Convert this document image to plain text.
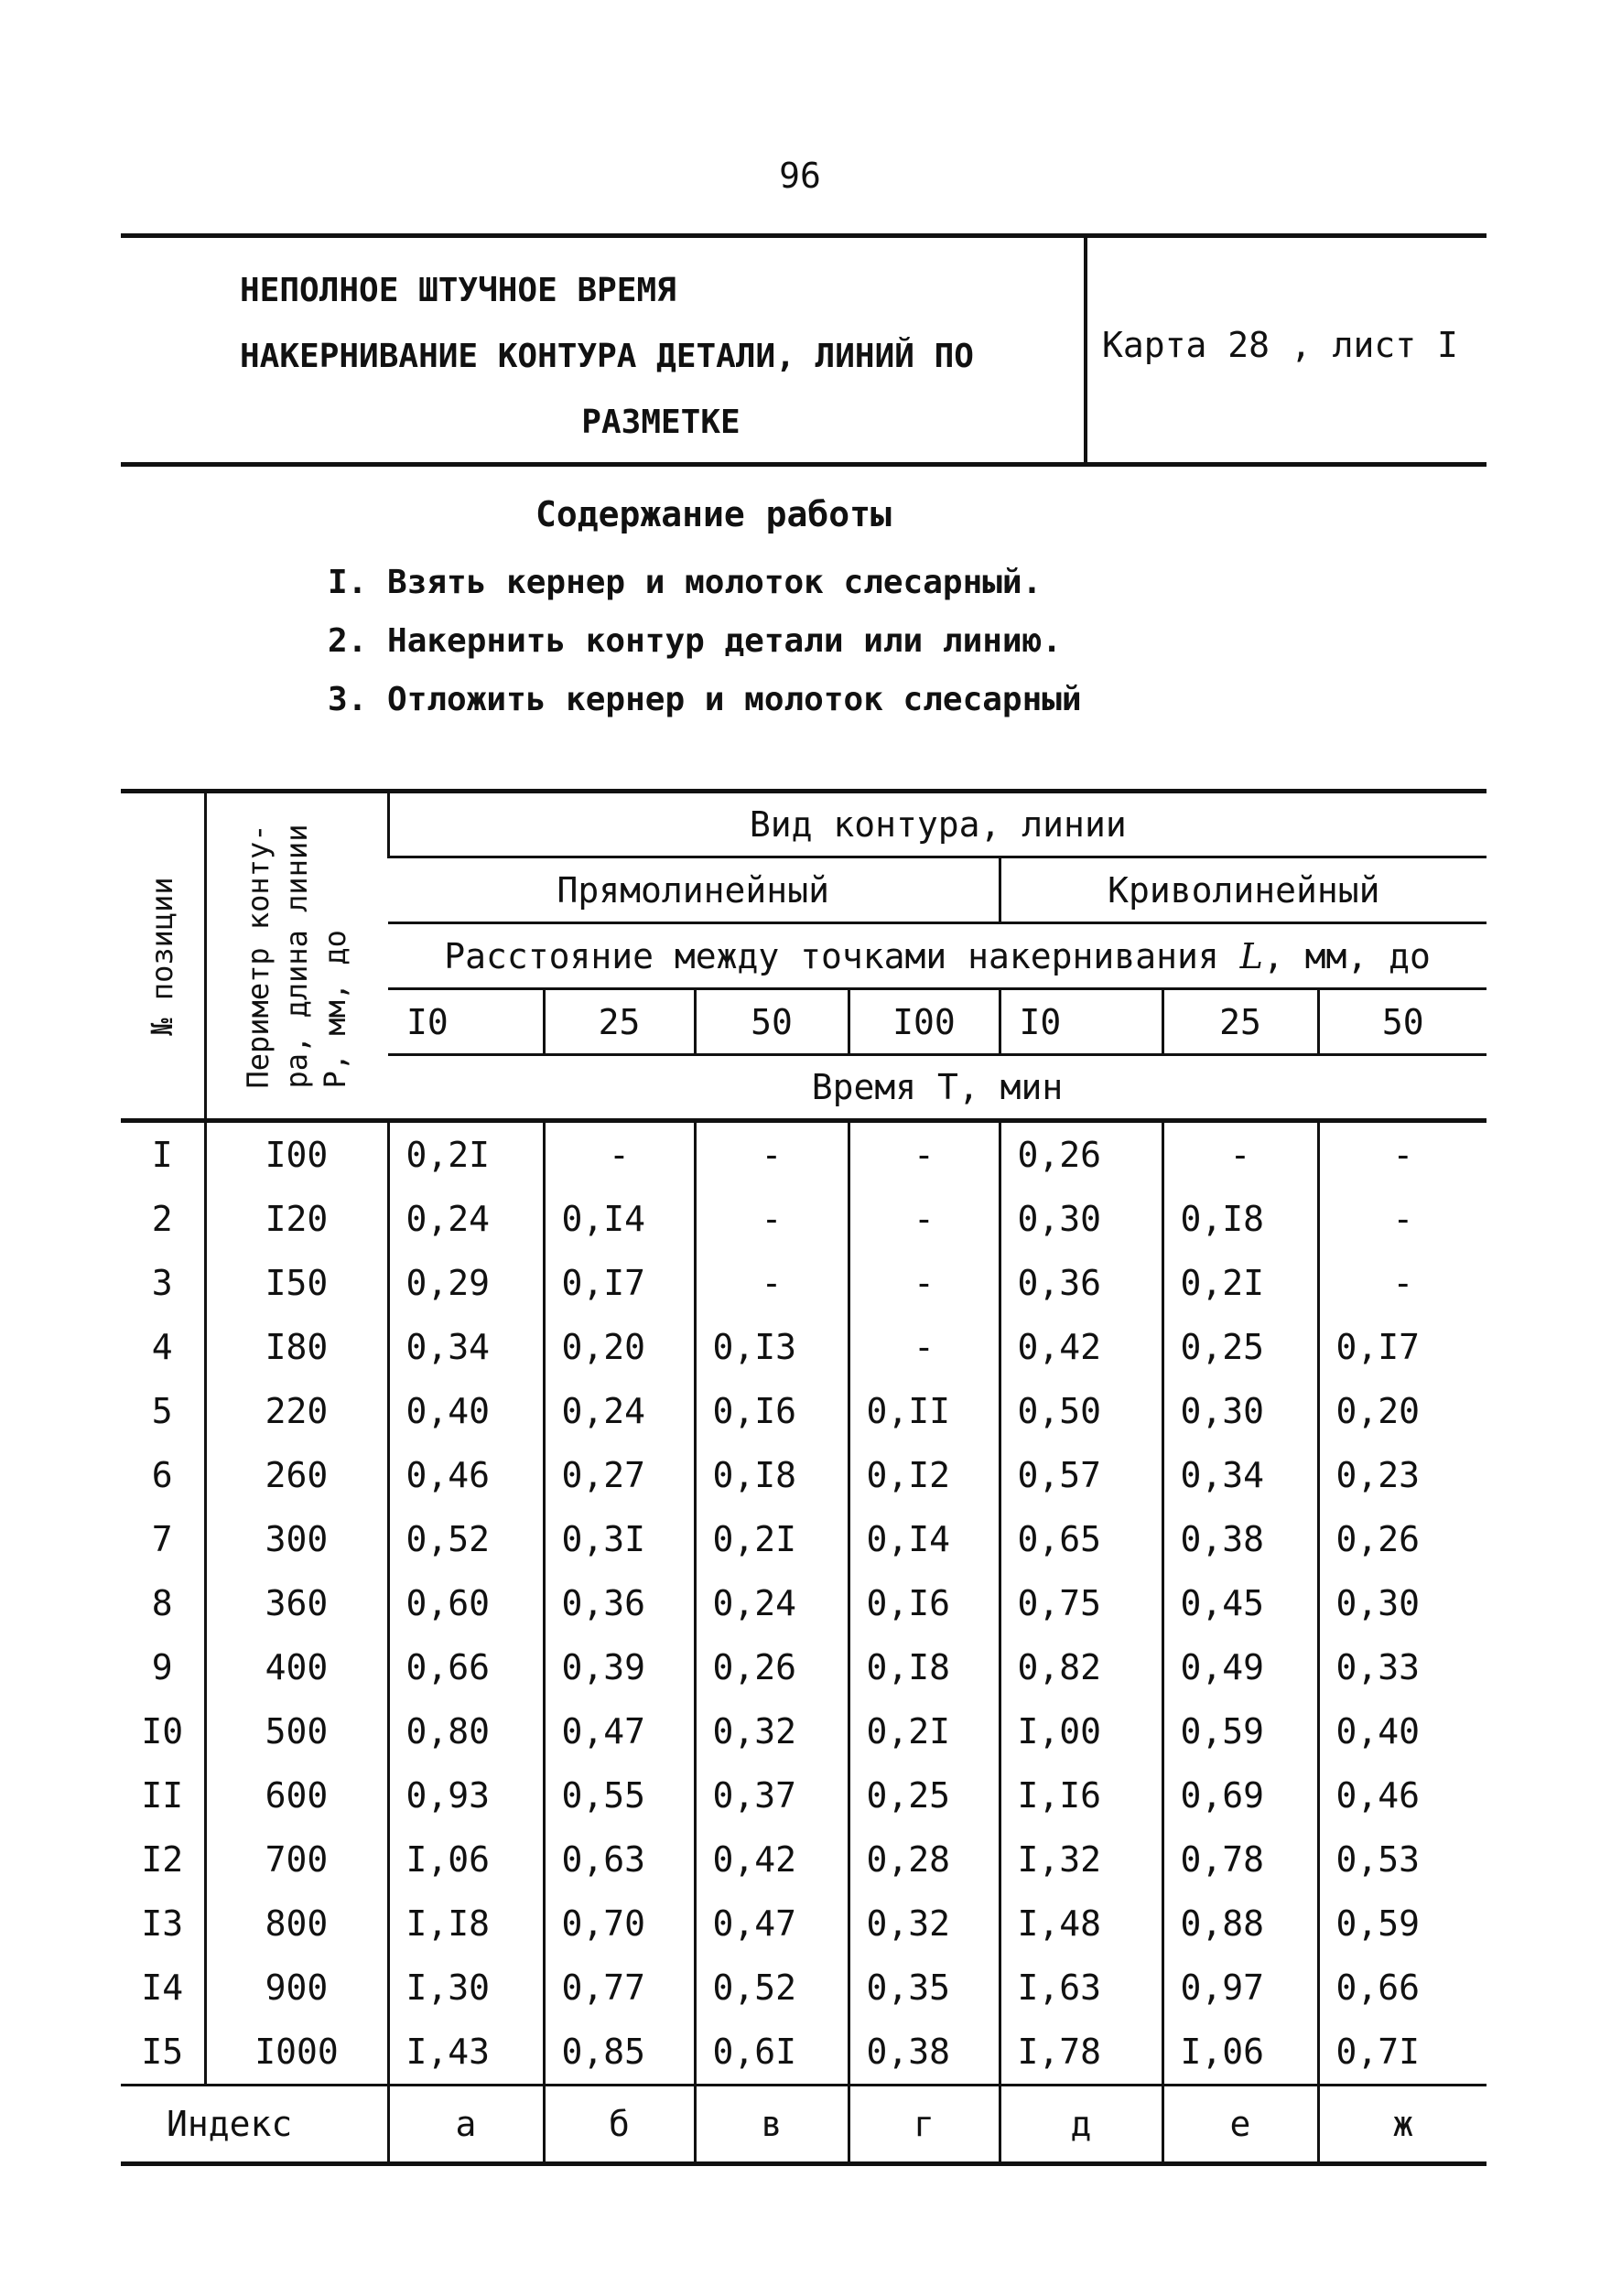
96
НЕПОЛНОЕ ШТУЧНОЕ ВРЕМЯ
НАКЕРНИВАНИЕ КОНТУРА ДЕТАЛИ, ЛИНИЙ ПО
РАЗМЕТКЕ
Карта 28 , лист I
Содержание работы
I. Взять кернер и молоток слесарный.
2. Накернить контур детали или линию.
3. Отложить кернер и молоток слесарный
№ позиции	Периметр конту- ра, длина линии P, мм, до	Вид контура, линии						
		Прямолинейный				Криволинейный		
		Расстояние между точками накернивания L, мм, до						
		I0	25	50	I00	I0	25	50
		Время T, мин						
I	I00	0,2I	-	-	-	0,26	-	-
2	I20	0,24	0,I4	-	-	0,30	0,I8	-
3	I50	0,29	0,I7	-	-	0,36	0,2I	-
4	I80	0,34	0,20	0,I3	-	0,42	0,25	0,I7
5	220	0,40	0,24	0,I6	0,II	0,50	0,30	0,20
6	260	0,46	0,27	0,I8	0,I2	0,57	0,34	0,23
7	300	0,52	0,3I	0,2I	0,I4	0,65	0,38	0,26
8	360	0,60	0,36	0,24	0,I6	0,75	0,45	0,30
9	400	0,66	0,39	0,26	0,I8	0,82	0,49	0,33
I0	500	0,80	0,47	0,32	0,2I	I,00	0,59	0,40
II	600	0,93	0,55	0,37	0,25	I,I6	0,69	0,46
I2	700	I,06	0,63	0,42	0,28	I,32	0,78	0,53
I3	800	I,I8	0,70	0,47	0,32	I,48	0,88	0,59
I4	900	I,30	0,77	0,52	0,35	I,63	0,97	0,66
I5	I000	I,43	0,85	0,6I	0,38	I,78	I,06	0,7I
Индекс		а	б	в	г	д	е	ж
